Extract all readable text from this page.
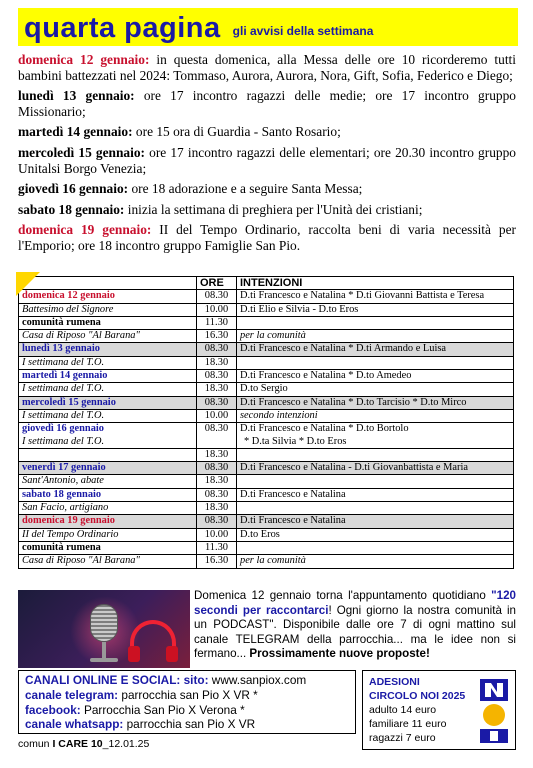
quarta pagina gli avvisi della settimana

domenica 12 gennaio: in questa domenica, alla Messa delle ore 10 ricorderemo tutti bambini battezzati nel 2024: Tommaso, Aurora, Aurora, Nora, Gift, Sofia, Federico e Diego;

lunedì 13 gennaio: ore 17 incontro ragazzi delle medie; ore 17 incontro gruppo Missionario;

martedì 14 gennaio: ore 15 ora di Guardia - Santo Rosario;

mercoledì 15 gennaio: ore 17 incontro ragazzi delle elementari; ore 20.30 incontro gruppo Unitalsi Borgo Venezia;

giovedì 16 gennaio: ore 18 adorazione e a seguire Santa Messa;

sabato 18 gennaio: inizia la settimana di preghiera per l'Unità dei cristiani;

domenica 19 gennaio: II del Tempo Ordinario, raccolta beni di varia necessità per l'Emporio; ore 18 incontro gruppo Famiglie San Pio.

	ORE	INTENZIONI
domenica 12 gennaio	08.30	D.ti Francesco e Natalina * D.ti Giovanni Battista e Teresa
Battesimo del Signore	10.00	D.ti Elio e Silvia - D.to Eros
comunità rumena	11.30	
Casa di Riposo "Al Barana"	16.30	per la comunità
lunedì 13 gennaio	08.30	D.ti Francesco e Natalina * D.ti Armando e Luisa
I settimana del T.O.	18.30	
martedì 14 gennaio	08.30	D.ti Francesco e Natalina * D.to Amedeo
I settimana del T.O.	18.30	D.to Sergio
mercoledì 15 gennaio	08.30	D.ti Francesco e Natalina * D.to Tarcisio * D.to Mirco
I settimana del T.O.	10.00	secondo intenzioni
giovedì 16 gennaio
I settimana del T.O.	08.30	D.ti Francesco e Natalina * D.to Bortolo
* D.ta Silvia * D.to Eros
	18.30	
venerdì 17 gennaio	08.30	D.ti Francesco e Natalina - D.ti Giovanbattista e Maria
Sant'Antonio, abate	18.30	
sabato 18 gennaio	08.30	D.ti Francesco e Natalina
San Facio, artigiano	18.30	
domenica 19 gennaio	08.30	D.ti Francesco e Natalina
II del Tempo Ordinario	10.00	D.to Eros
comunità rumena	11.30	
Casa di Riposo "Al Barana"	16.30	per la comunità
Domenica 12 gennaio torna l'appuntamento quotidiano "120 secondi per raccontarci! Ogni giorno la nostra comunità in un PODCAST". Disponibile dalle ore 7 di ogni mattino sul canale TELEGRAM della parrocchia... ma le idee non si fermano... Prossimamente nuove proposte!
CANALI ONLINE E SOCIAL: sito: www.sanpiox.com
canale telegram: parrocchia san Pio X VR *
facebook: Parrocchia San Pio X Verona *
canale whatsapp: parrocchia san Pio X VR
comun I CARE 10_12.01.25
ADESIONI
CIRCOLO NOI 2025
adulto 14 euro
familiare 11 euro
ragazzi 7 euro
